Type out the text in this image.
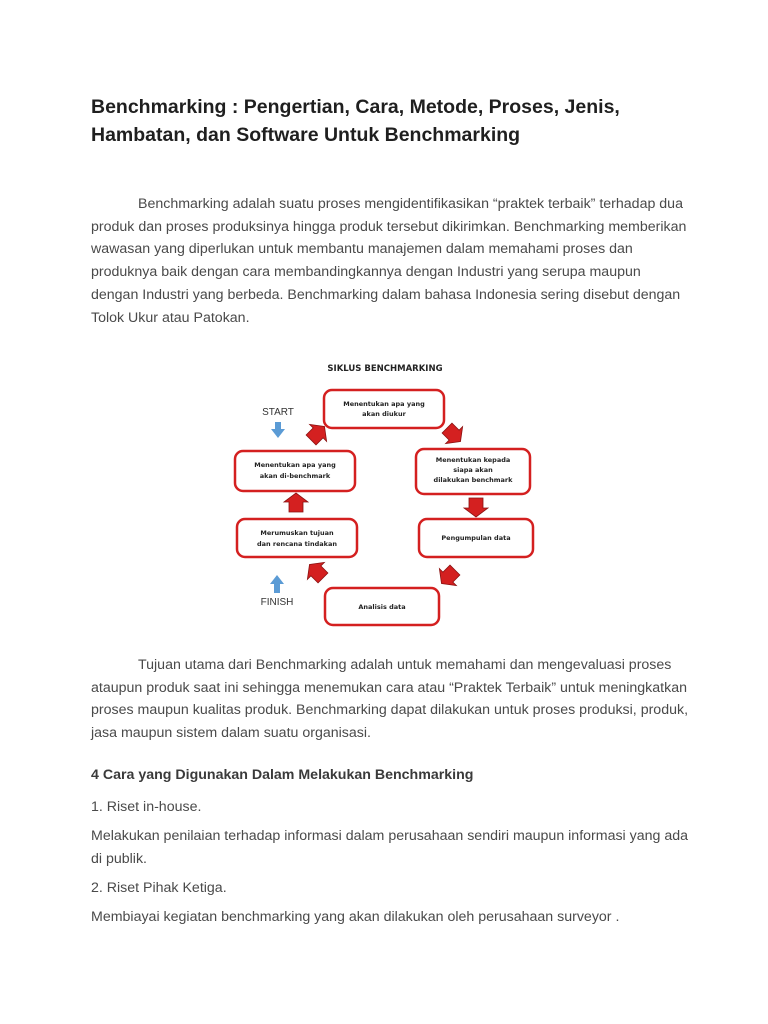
Benchmarking : Pengertian, Cara, Metode, Proses, Jenis, Hambatan, dan Software Untuk Benchmarking

Benchmarking adalah suatu proses mengidentifikasikan “praktek terbaik” terhadap dua produk dan proses produksinya hingga produk tersebut dikirimkan. Benchmarking memberikan wawasan yang diperlukan untuk membantu manajemen dalam memahami proses dan produknya baik dengan cara membandingkannya dengan Industri yang serupa maupun dengan Industri yang berbeda. Benchmarking dalam bahasa Indonesia sering disebut dengan Tolok Ukur atau Patokan.

SIKLUS BENCHMARKING
Menentukan apa yang
akan diukur
Menentukan kepada
siapa akan
dilakukan benchmark
Pengumpulan data
Analisis data
Merumuskan tujuan
dan rencana tindakan
Menentukan apa yang
akan di-benchmark
START
FINISH

Tujuan utama dari Benchmarking adalah untuk memahami dan mengevaluasi proses ataupun produk saat ini sehingga menemukan cara atau “Praktek Terbaik” untuk meningkatkan proses maupun kualitas produk. Benchmarking dapat dilakukan untuk proses produksi, produk, jasa maupun sistem dalam suatu organisasi.

4 Cara yang Digunakan Dalam Melakukan Benchmarking

1. Riset in-house.

Melakukan penilaian terhadap informasi dalam perusahaan sendiri maupun informasi yang ada di publik.

2. Riset Pihak Ketiga.

Membiayai kegiatan benchmarking yang akan dilakukan oleh perusahaan surveyor .
